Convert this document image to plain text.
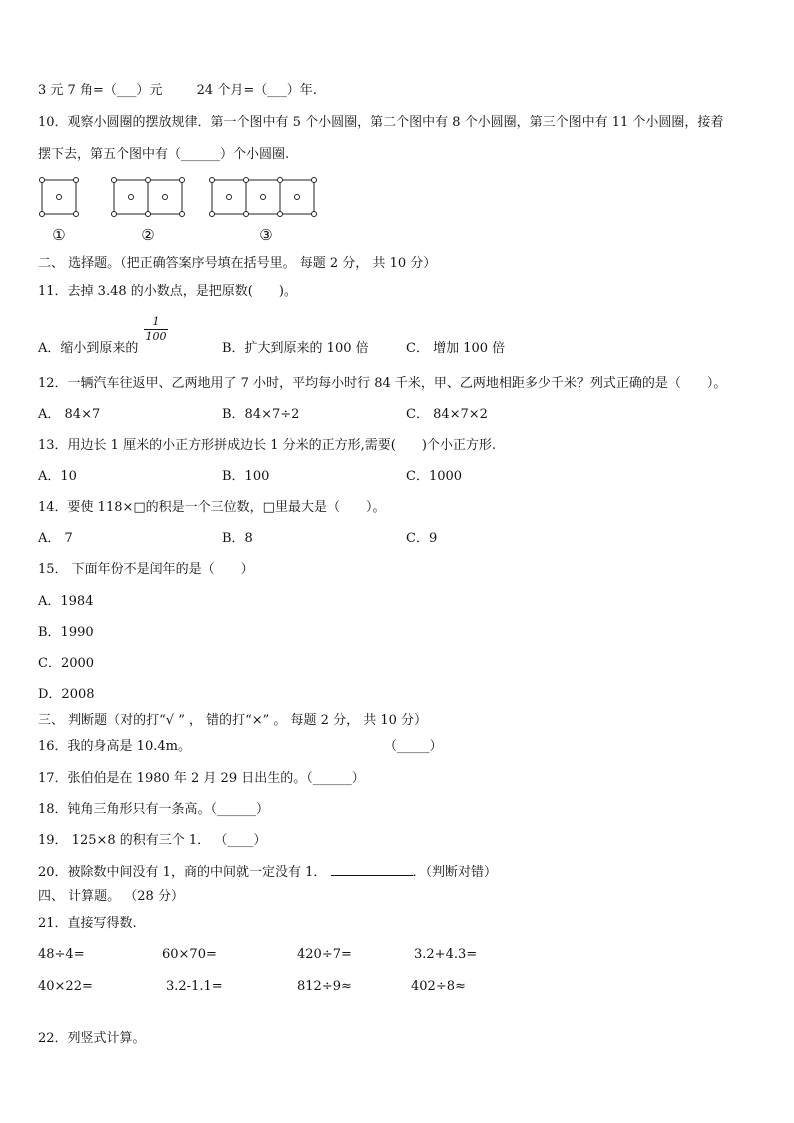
3 元 7 角=（___）元	24 个月=（___）年.
10．观察小圆圈的摆放规律．第一个图中有 5 个小圆圈，第二个图中有 8 个小圆圈，第三个图中有 11 个小圆圈，接着
摆下去，第五个图中有（______）个小圆圈.
①	②	③
二、 选择题。（把正确答案序号填在括号里。 每题 2 分， 共 10 分）
11．去掉 3.48 的小数点，是把原数(　　)。
1
100
A．缩小到原来的	B．扩大到原来的 100 倍	C． 增加 100 倍
12．一辆汽车往返甲、乙两地用了 7 小时，平均每小时行 84 千米，甲、乙两地相距多少千米？列式正确的是（　　）。
A． 84×7	B．84×7÷2	C． 84×7×2
13．用边长 1 厘米的小正方形拼成边长 1 分米的正方形,需要(　　)个小正方形.
A．10	B．100	C．1000
14．要使 118×□的积是一个三位数，□里最大是（　　）。
A． 7	B．8	C．9
15． 下面年份不是闰年的是（　　）
A．1984
B．1990
C．2000
D．2008
三、 判断题（对的打“√ ” ， 错的打“×” 。 每题 2 分， 共 10 分）
16．我的身高是 10.4m。	（_____）
17．张伯伯是在 1980 年 2 月 29 日出生的。（______）
18．钝角三角形只有一条高。（______）
19． 125×8 的积有三个 1． （____）
20．被除数中间没有 1，商的中间就一定没有 1．	．（判断对错）
四、 计算题。 （28 分）
21．直接写得数.
48÷4=	60×70=	420÷7=	3.2+4.3=
40×22=	3.2-1.1=	812÷9≈	402÷8≈
22．列竖式计算。
